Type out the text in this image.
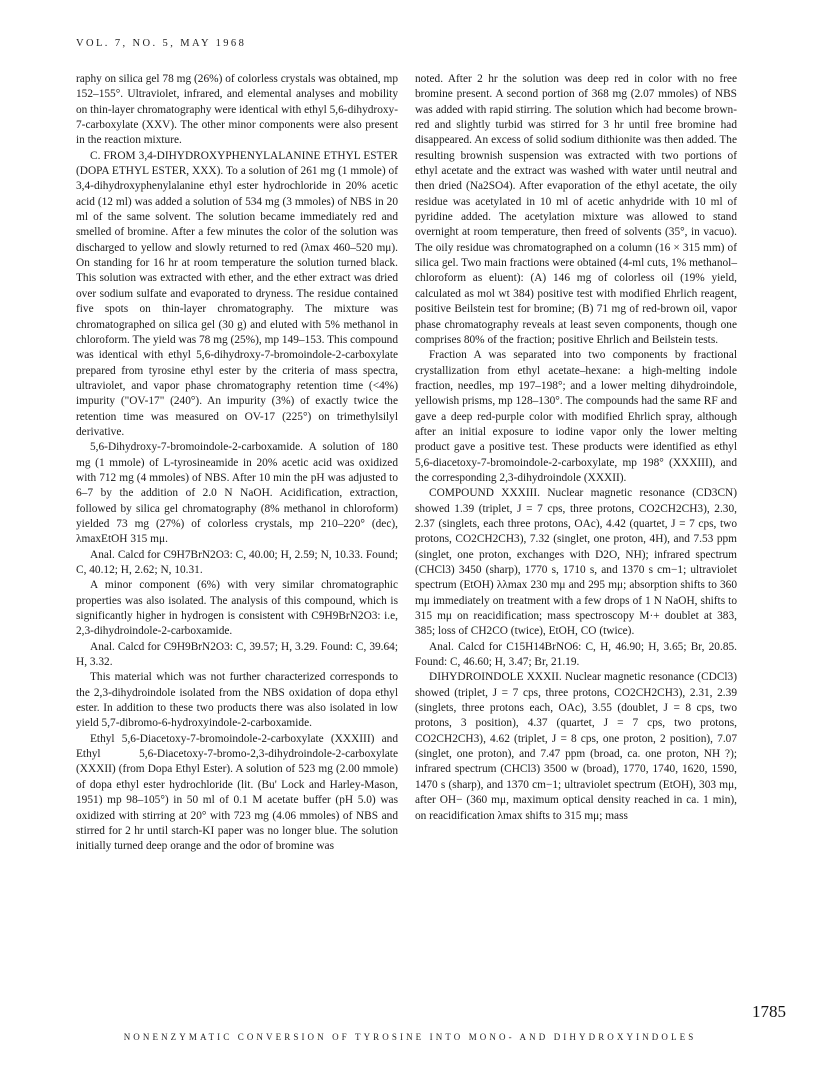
VOL. 7, NO. 5, MAY 1968

raphy on silica gel 78 mg (26%) of colorless crystals was obtained, mp 152–155°. Ultraviolet, infrared, and elemental analyses and mobility on thin-layer chromatography were identical with ethyl 5,6-dihydroxy-7-carboxylate (XXV). The other minor components were also present in the reaction mixture.

C. FROM 3,4-DIHYDROXYPHENYLALANINE ETHYL ESTER (DOPA ETHYL ESTER, XXX). To a solution of 261 mg (1 mmole) of 3,4-dihydroxyphenylalanine ethyl ester hydrochloride in 20% acetic acid (12 ml) was added a solution of 534 mg (3 mmoles) of NBS in 20 ml of the same solvent. The solution became immediately red and smelled of bromine. After a few minutes the color of the solution was discharged to yellow and slowly returned to red (λmax 460–520 mμ). On standing for 16 hr at room temperature the solution turned black. This solution was extracted with ether, and the ether extract was dried over sodium sulfate and evaporated to dryness. The residue contained five spots on thin-layer chromatography. The mixture was chromatographed on silica gel (30 g) and eluted with 5% methanol in chloroform. The yield was 78 mg (25%), mp 149–153. This compound was identical with ethyl 5,6-dihydroxy-7-bromoindole-2-carboxylate prepared from tyrosine ethyl ester by the criteria of mass spectra, ultraviolet, and vapor phase chromatography retention time (<4%) impurity ("OV-17" (240°). An impurity (3%) of exactly twice the retention time was measured on OV-17 (225°) on trimethylsilyl derivative.

5,6-Dihydroxy-7-bromoindole-2-carboxamide. A solution of 180 mg (1 mmole) of L-tyrosineamide in 20% acetic acid was oxidized with 712 mg (4 mmoles) of NBS. After 10 min the pH was adjusted to 6–7 by the addition of 2.0 N NaOH. Acidification, extraction, followed by silica gel chromatography (8% methanol in chloroform) yielded 73 mg (27%) of colorless crystals, mp 210–220° (dec), λmaxEtOH 315 mμ.

Anal. Calcd for C9H7BrN2O3: C, 40.00; H, 2.59; N, 10.33. Found; C, 40.12; H, 2.62; N, 10.31.

A minor component (6%) with very similar chromatographic properties was also isolated. The analysis of this compound, which is significantly higher in hydrogen is consistent with C9H9BrN2O3: i.e, 2,3-dihydroindole-2-carboxamide.

Anal. Calcd for C9H9BrN2O3: C, 39.57; H, 3.29. Found: C, 39.64; H, 3.32.

This material which was not further characterized corresponds to the 2,3-dihydroindole isolated from the NBS oxidation of dopa ethyl ester. In addition to these two products there was also isolated in low yield 5,7-dibromo-6-hydroxyindole-2-carboxamide.

Ethyl 5,6-Diacetoxy-7-bromoindole-2-carboxylate (XXXIII) and Ethyl 5,6-Diacetoxy-7-bromo-2,3-dihydroindole-2-carboxylate (XXXII) (from Dopa Ethyl Ester). A solution of 523 mg (2.00 mmole) of dopa ethyl ester hydrochloride (lit. (Bu' Lock and Harley-Mason, 1951) mp 98–105°) in 50 ml of 0.1 M acetate buffer (pH 5.0) was oxidized with stirring at 20° with 723 mg (4.06 mmoles) of NBS and stirred for 2 hr until starch-KI paper was no longer blue. The solution initially turned deep orange and the odor of bromine was

noted. After 2 hr the solution was deep red in color with no free bromine present. A second portion of 368 mg (2.07 mmoles) of NBS was added with rapid stirring. The solution which had become brown-red and slightly turbid was stirred for 3 hr until free bromine had disappeared. An excess of solid sodium dithionite was then added. The resulting brownish suspension was extracted with two portions of ethyl acetate and the extract was washed with water until neutral and then dried (Na2SO4). After evaporation of the ethyl acetate, the oily residue was acetylated in 10 ml of acetic anhydride with 10 ml of pyridine added. The acetylation mixture was allowed to stand overnight at room temperature, then freed of solvents (35°, in vacuo). The oily residue was chromatographed on a column (16 × 315 mm) of silica gel. Two main fractions were obtained (4-ml cuts, 1% methanol–chloroform as eluent): (A) 146 mg of colorless oil (19% yield, calculated as mol wt 384) positive test with modified Ehrlich reagent, positive Beilstein test for bromine; (B) 71 mg of red-brown oil, vapor phase chromatography reveals at least seven components, though one comprises 80% of the fraction; positive Ehrlich and Beilstein tests.

Fraction A was separated into two components by fractional crystallization from ethyl acetate–hexane: a high-melting indole fraction, needles, mp 197–198°; and a lower melting dihydroindole, yellowish prisms, mp 128–130°. The compounds had the same RF and gave a deep red-purple color with modified Ehrlich spray, although after an initial exposure to iodine vapor only the lower melting product gave a positive test. These products were identified as ethyl 5,6-diacetoxy-7-bromoindole-2-carboxylate, mp 198° (XXXIII), and the corresponding 2,3-dihydroindole (XXXII).

COMPOUND XXXIII. Nuclear magnetic resonance (CD3CN) showed 1.39 (triplet, J = 7 cps, three protons, CO2CH2CH3), 2.30, 2.37 (singlets, each three protons, OAc), 4.42 (quartet, J = 7 cps, two protons, CO2CH2CH3), 7.32 (singlet, one proton, 4H), and 7.53 ppm (singlet, one proton, exchanges with D2O, NH); infrared spectrum (CHCl3) 3450 (sharp), 1770 s, 1710 s, and 1370 s cm−1; ultraviolet spectrum (EtOH) λλmax 230 mμ and 295 mμ; absorption shifts to 360 mμ immediately on treatment with a few drops of 1 N NaOH, shifts to 315 mμ on reacidification; mass spectroscopy M·+ doublet at 383, 385; loss of CH2CO (twice), EtOH, CO (twice).

Anal. Calcd for C15H14BrNO6: C, H, 46.90; H, 3.65; Br, 20.85. Found: C, 46.60; H, 3.47; Br, 21.19.

DIHYDROINDOLE XXXII. Nuclear magnetic resonance (CDCl3) showed (triplet, J = 7 cps, three protons, CO2CH2CH3), 2.31, 2.39 (singlets, three protons each, OAc), 3.55 (doublet, J = 8 cps, two protons, 3 position), 4.37 (quartet, J = 7 cps, two protons, CO2CH2CH3), 4.62 (triplet, J = 8 cps, one proton, 2 position), 7.07 (singlet, one proton), and 7.47 ppm (broad, ca. one proton, NH ?); infrared spectrum (CHCl3) 3500 w (broad), 1770, 1740, 1620, 1590, 1470 s (sharp), and 1370 cm−1; ultraviolet spectrum (EtOH), 303 mμ, after OH− (360 mμ, maximum optical density reached in ca. 1 min), on reacidification λmax shifts to 315 mμ; mass

1785
NONENZYMATIC CONVERSION OF TYROSINE INTO MONO- AND DIHYDROXYINDOLES
